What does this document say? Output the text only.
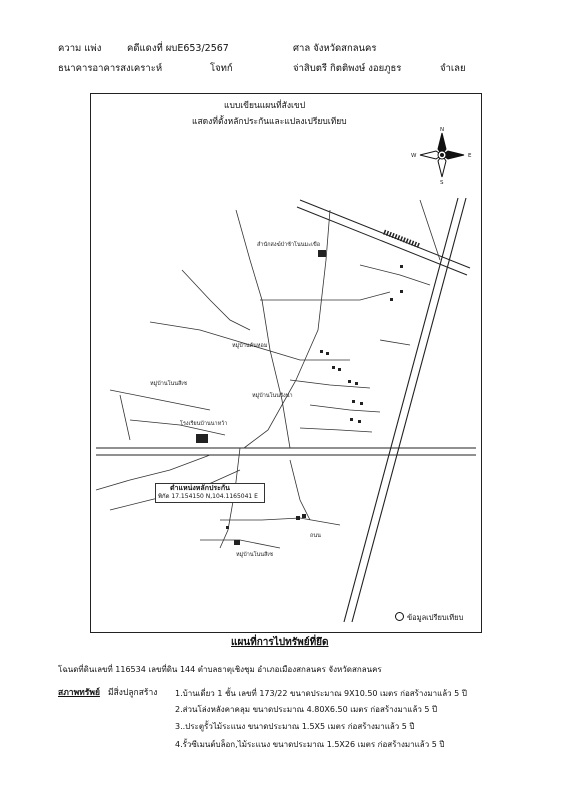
ความ แพ่ง	คดีแดงที่ ผบE653/2567	ศาล จังหวัดสกลนคร
ธนาคารอาคารสงเคราะห์	โจทก์	จ่าสิบตรี กิตติพงษ์ งอยภูธร	จำเลย
N
S
W	E
สำนักสงฆ์ป่าช้าโนนมะเขือ
หมู่บ้านต้นหอม
หมู่บ้านโนนรังนา
หมู่บ้านโนนสีเซ
โรงเรียนบ้านนาหว้า
หมู่บ้านโนนสีเซ
ถนน
แบบเขียนแผนที่สังเขป
แสดงที่ตั้งหลักประกันและแปลงเปรียบเทียบ
ตำแหน่งหลักประกัน
พิกัด 17.154150 N,104.1165041 E
ข้อมูลเปรียบเทียบ
แผนที่การไปทรัพย์ที่ยึด
โฉนดที่ดินเลขที่ 116534 เลขที่ดิน 144 ตำบลธาตุเชิงชุม อำเภอเมืองสกลนคร จังหวัดสกลนคร
สภาพทรัพย์ มีสิ่งปลูกสร้าง 1.บ้านเดี่ยว 1 ชั้น เลขที่ 173/22 ขนาดประมาณ 9X10.50 เมตร ก่อสร้างมาแล้ว 5 ปี
2.ส่วนโล่งหลังคาคลุม ขนาดประมาณ 4.80X6.50 เมตร ก่อสร้างมาแล้ว 5 ปี
3..ประตูรั้วไม้ระแนง ขนาดประมาณ 1.5X5 เมตร ก่อสร้างมาแล้ว 5 ปี
4.รั้วซีเมนต์บล็อก,ไม้ระแนง ขนาดประมาณ 1.5X26 เมตร ก่อสร้างมาแล้ว 5 ปี
